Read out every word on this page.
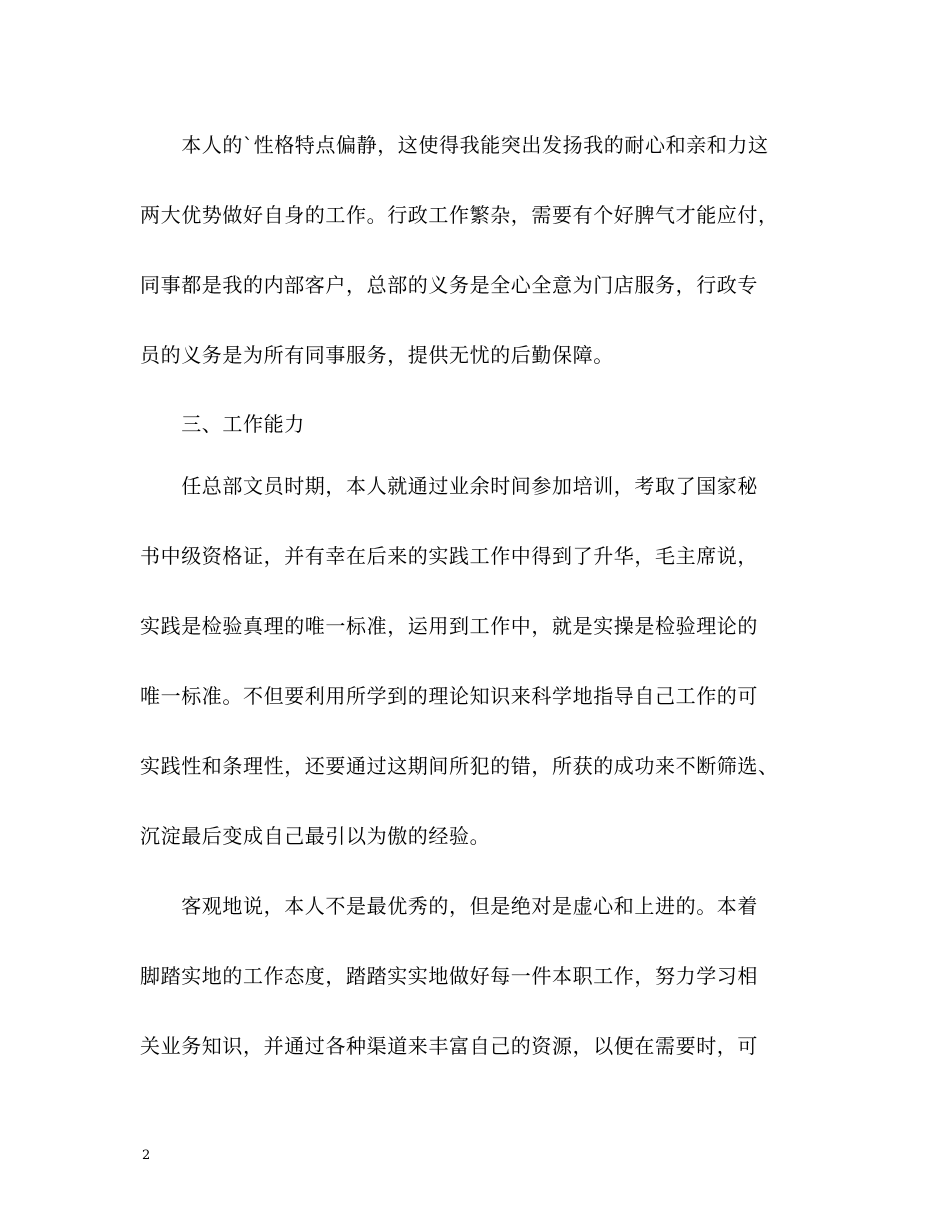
　　本人的`性格特点偏静，这使得我能突出发扬我的耐心和亲和力这
两大优势做好自身的工作。行政工作繁杂，需要有个好脾气才能应付，
同事都是我的内部客户，总部的义务是全心全意为门店服务，行政专
员的义务是为所有同事服务，提供无忧的后勤保障。
　　三、工作能力
　　任总部文员时期，本人就通过业余时间参加培训，考取了国家秘
书中级资格证，并有幸在后来的实践工作中得到了升华，毛主席说，
实践是检验真理的唯一标准，运用到工作中，就是实操是检验理论的
唯一标准。不但要利用所学到的理论知识来科学地指导自己工作的可
实践性和条理性，还要通过这期间所犯的错，所获的成功来不断筛选、
沉淀最后变成自己最引以为傲的经验。
　　客观地说，本人不是最优秀的，但是绝对是虚心和上进的。本着
脚踏实地的工作态度，踏踏实实地做好每一件本职工作，努力学习相
关业务知识，并通过各种渠道来丰富自己的资源，以便在需要时，可
2
